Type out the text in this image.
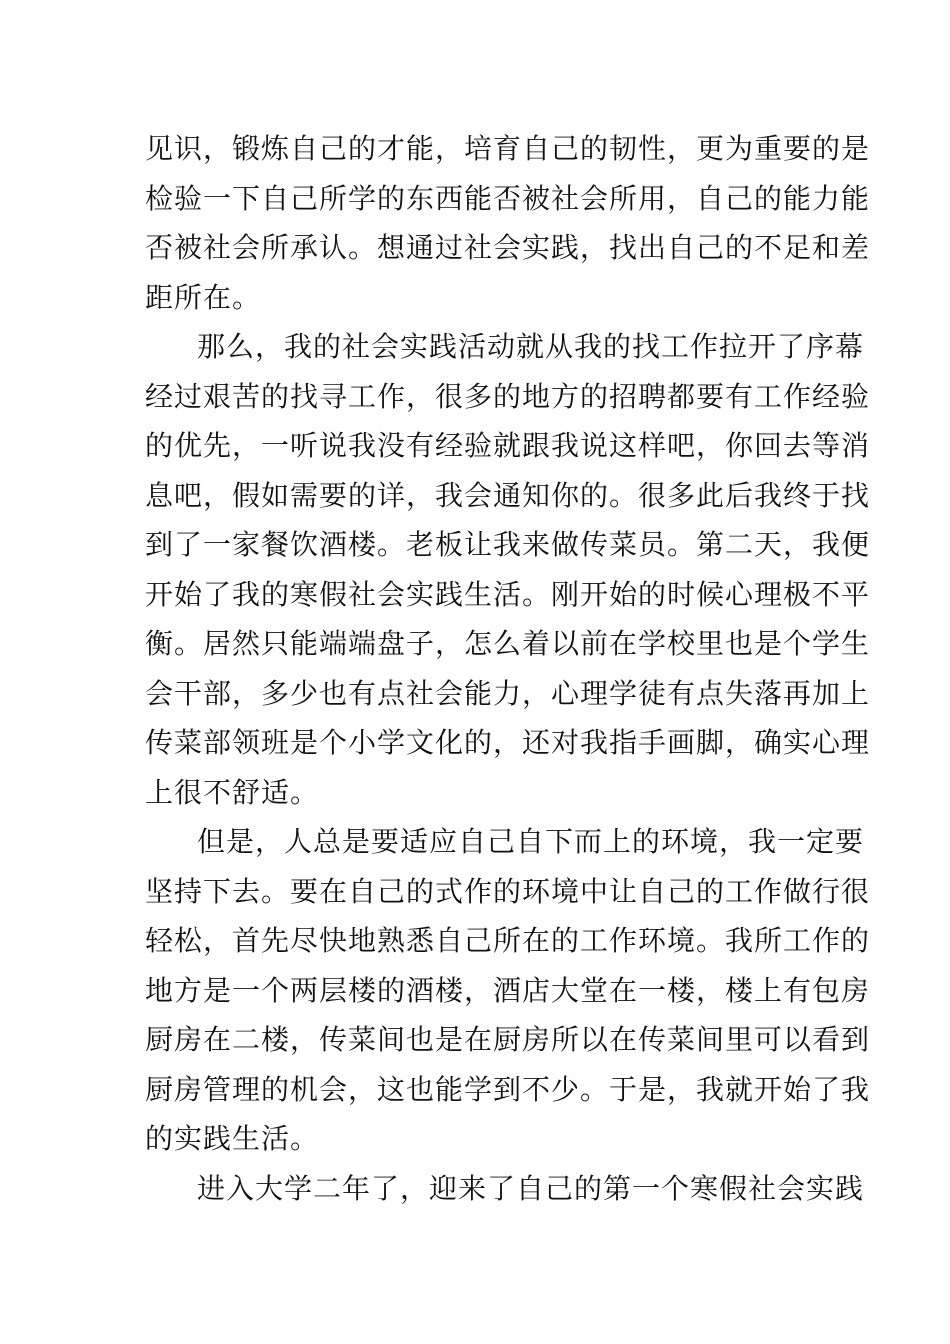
见识，锻炼自己的才能，培育自己的韧性，更为重要的是
检验一下自己所学的东西能否被社会所用，自己的能力能
否被社会所承认。想通过社会实践，找出自己的不足和差
距所在。
那么，我的社会实践活动就从我的找工作拉开了序幕
经过艰苦的找寻工作，很多的地方的招聘都要有工作经验
的优先，一听说我没有经验就跟我说这样吧，你回去等消
息吧，假如需要的详，我会通知你的。很多此后我终于找
到了一家餐饮酒楼。老板让我来做传菜员。第二天，我便
开始了我的寒假社会实践生活。刚开始的时候心理极不平
衡。居然只能端端盘子，怎么着以前在学校里也是个学生
会干部，多少也有点社会能力，心理学徒有点失落再加上
传菜部领班是个小学文化的，还对我指手画脚，确实心理
上很不舒适。
但是，人总是要适应自己自下而上的环境，我一定要
坚持下去。要在自己的式作的环境中让自己的工作做行很
轻松，首先尽快地熟悉自己所在的工作环境。我所工作的
地方是一个两层楼的酒楼，酒店大堂在一楼，楼上有包房
厨房在二楼，传菜间也是在厨房所以在传菜间里可以看到
厨房管理的机会，这也能学到不少。于是，我就开始了我
的实践生活。
进入大学二年了，迎来了自己的第一个寒假社会实践
